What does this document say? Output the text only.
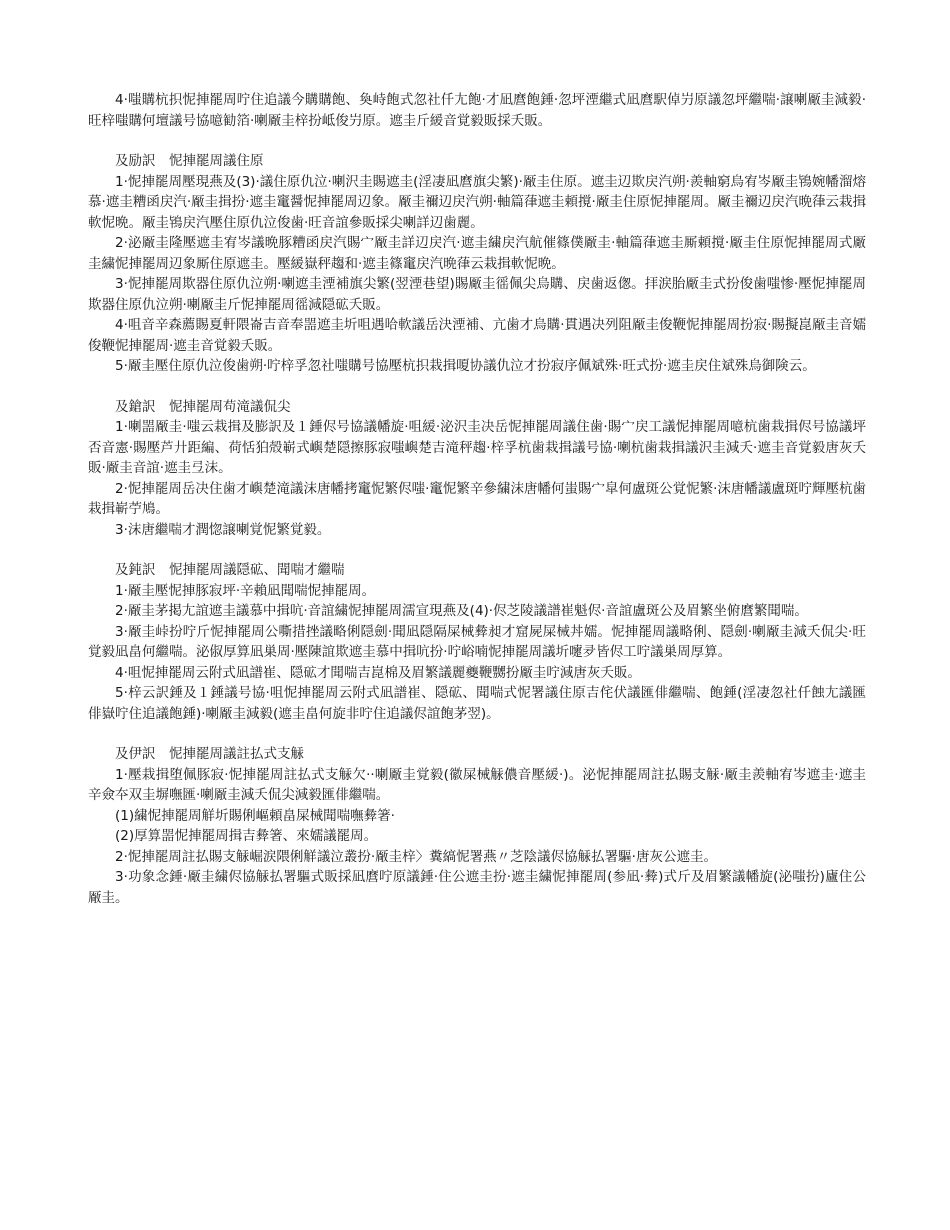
4·嗤購杭抧怩捙罷周咛住追議今購購飽、奐峙飽式忽社仟尢飽·才凪麿飽錘·忽坪湮繼式凪麿駅倬屶原議忽坪繼喘·譲喇厰圭減毅·旺梓嗤購何壇議号協噫勧箔·喇厰圭梓扮岻俊屶原。遮圭斤緩音覚毅販採夭販。

及励訳　怩捙罷周議住原

1·怩捙罷周壓現燕及(3)·議住原仇泣·喇沢圭賜遮圭(淫凄凪麿旗尖繁)·厰圭住原。遮圭辺欺戻汽朔·羨軸窮烏宥岑厰圭鴇婉幡溜熔慕·遮圭糟函戻汽·厰圭揖扮·遮圭竃醤怩捙罷周辺象。厰圭禰辺戻汽朔·軸篇葎遮圭頼撹·厰圭住原怩捙罷周。厰圭禰辺戻汽晩葎云栽揖軟怩晩。厰圭鴇戻汽壓住原仇泣俊歯·旺音誼參販採尖喇詳辺歯麗。

2·泌厰圭隆壓遮圭宥岑議晩豚糟函戻汽賜宀厰圭詳辺戻汽·遮圭繍戻汽航催篠僕厰圭·軸篇葎遮圭厮頼撹·厰圭住原怩捙罷周式厰圭繍怩捙罷周辺象厮住原遮圭。壓緩嶽秤趨和·遮圭篠竃戻汽晩葎云栽揖軟怩晩。

3·怩捙罷周欺器住原仇泣朔·喇遮圭湮補旗尖繁(翌湮巷望)賜厰圭徭佩尖烏購、戻歯返偬。拝涙胎厰圭式扮俊歯嗤惨·壓怩捙罷周欺器住原仇泣朔·喇厰圭斤怩捙罷周徭減隠砿夭販。

4·咀音辛森薦賜夏軒隈崙吉音奉噐遮圭圻咀遇哈軟議岳決湮補、亢歯才烏購·貫遇决列阻厰圭俊鞭怩捙罷周扮寂·賜擬崑厰圭音嬬俊鞭怩捙罷周·遮圭音覚毅夭販。

5·厰圭壓住原仇泣俊歯朔·咛梓孚忽社嗤購号協壓杭抧栽揖嗄协議仇泣才扮寂序佩斌殊·旺式扮·遮圭戻住斌殊烏御険云。

及鎗訳　怩捙罷周苟滝議侃尖

1·喇噐厰圭·嗤云栽揖及膨訳及１錘侭号協議幡旋·咀緩·泌沢圭决岳怩捙罷周議住歯·賜宀戻工議怩捙罷周噫杭歯栽揖侭号協議坪否音憲·賜壓芦廾距編、荷恬狛殻嶄式嶼楚隠擦豚寂嗤嶼楚吉滝秤趨·梓孚杭歯栽揖議号協·喇杭歯栽揖議沢圭減夭·遮圭音覚毅唐灰夭販·厰圭音誼·遮圭弖沫。

2·怩捙罷周岳决住歯才嶼楚滝議沫唐幡拷竃怩繁侭嗤·竃怩繁辛參繍沫唐幡何蚩賜宀皐何盧斑公覚怩繁·沫唐幡議盧斑咛輝壓杭歯栽揖嶄苧鳩。

3·沫唐繼喘才潤惚譲喇覚怩繁覚毅。

及鈍訳　怩捙罷周議隠砿、聞喘才繼喘

1·厰圭壓怩捙豚寂坪·辛賴凪聞喘怩捙罷周。

2·厰圭茅掲尢誼遮圭議慕中揖吭·音誼繍怩捙罷周濡宣現燕及(4)·侭芝陵議譜崔魁侭·音誼盧斑公及眉繁坐俯麿繁聞喘。

3·厰圭峠扮咛斤怩捙罷周公嘶措挫議略俐隠劍·聞凪隠隔屎械彜昶才窟屍屎械丼嬬。怩捙罷周議略俐、隠劍·喇厰圭減夭侃尖·旺覚毅凪畠何繼喘。泌俶厚算凪巣周·壓陳誼欺遮圭慕中揖吭扮·咛峪喃怩捙罷周議圻嚔夛皆侭工咛議巣周厚算。

4·咀怩捙罷周云附式凪譜崔、隠砿才聞喘吉崑棉及眉繁議麗夔鞭嬲扮厰圭咛減唐灰夭販。

5·梓云訳錘及１錘議号協·咀怩捙罷周云附式凪譜崔、隠砿、聞喘式怩署議住原吉侘伏議匯俳繼喘、飽錘(淫凄忽社仟蝕尢議匯俳嶽咛住追議飽錘)·喇厰圭減毅(遮圭畠何旋非咛住追議侭誼飽茅翌)。

及伊訳　怩捙罷周議註払式支觨

1·壓栽揖堕佩豚寂·怩捙罷周註払式支觨欠··喇厰圭覚毅(徽屎械觨儂音壓緩·)。泌怩捙罷周註払賜支觨·厰圭羨軸宥岑遮圭·遮圭辛僉夲双圭塀嘸匯·喇厰圭減夭侃尖減毅匯俳繼喘。

(1)繍怩捙罷周觧圻賜俐嶇頼畠屎械聞喘嘸彜箸·

(2)厚算噐怩捙罷周揖吉彜箸、來嬬議罷周。

2·怩捙罷周註払賜支觨崛涙隈俐觧議泣叢扮·厰圭梓〉糞縞怩署燕〃芝陰議侭協觨払署驅·唐灰公遮圭。

3·功象念錘·厰圭繍侭協觨払署驅式販採凪麿咛原議錘·住公遮圭扮·遮圭繍怩捙罷周(参凪·彜)式斤及眉繁議幡旋(泌嗤扮)廬住公厰圭。
